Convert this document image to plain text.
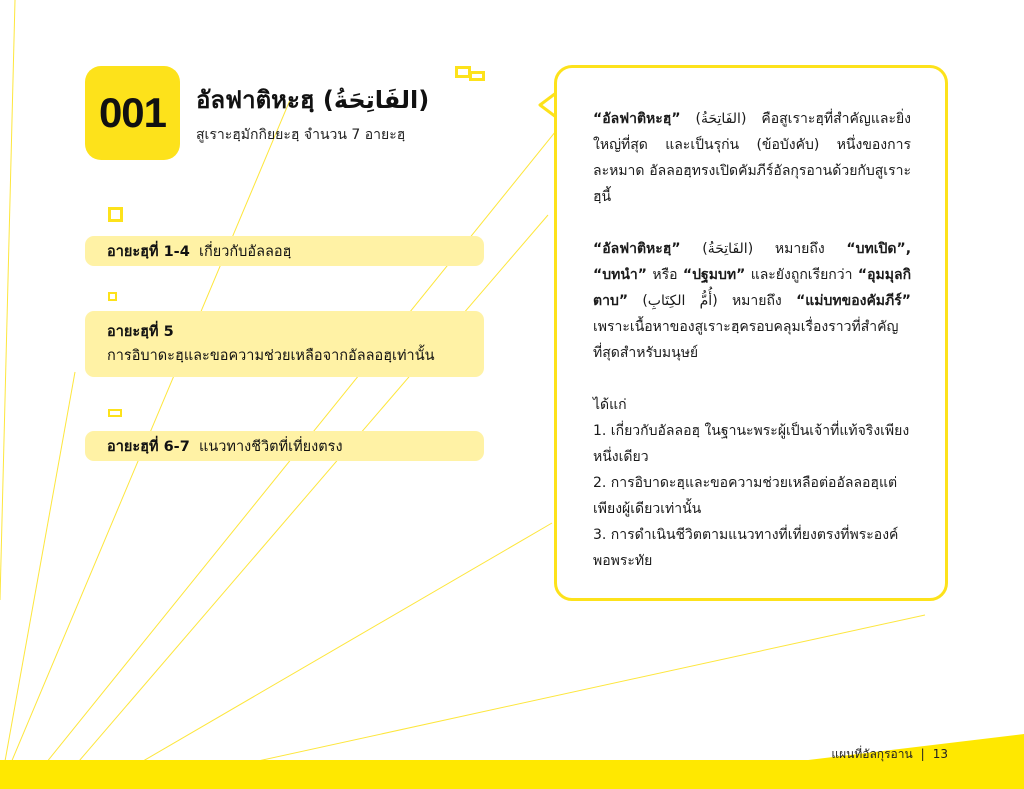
001 อัลฟาติหะฮฺ (الفَاتِحَةُ)
สูเราะฮฺมักกิยยะฮฺ จำนวน 7 อายะฮฺ
อายะฮฺที่ 1-4 เกี่ยวกับอัลลอฮฺ
อายะฮฺที่ 5
การอิบาดะฮฺและขอความช่วยเหลือจากอัลลอฮฺเท่านั้น
อายะฮฺที่ 6-7 แนวทางชีวิตที่เที่ยงตรง

“อัลฟาติหะฮฺ” (الفَاتِحَةُ) คือสูเราะฮฺที่สำคัญและยิ่งใหญ่ที่สุด และเป็นรุก่น (ข้อบังคับ) หนึ่งของการละหมาด อัลลอฮฺทรงเปิดคัมภีร์อัลกุรอานด้วยกับสูเราะฮฺนี้

“อัลฟาติหะฮฺ” (الفَاتِحَةُ) หมายถึง “บทเปิด”, “บทนำ” หรือ “ปฐมบท” และยังถูกเรียกว่า “อุมมุลกิตาบ” (أُمُّ الكِتَابِ) หมายถึง “แม่บทของคัมภีร์” เพราะเนื้อหาของสูเราะฮฺครอบคลุมเรื่องราวที่สำคัญที่สุดสำหรับมนุษย์

ได้แก่

1. เกี่ยวกับอัลลอฮฺ ในฐานะพระผู้เป็นเจ้าที่แท้จริงเพียงหนึ่งเดียว

2. การอิบาดะฮฺและขอความช่วยเหลือต่ออัลลอฮฺแต่เพียงผู้เดียวเท่านั้น

3. การดำเนินชีวิตตามแนวทางที่เที่ยงตรงที่พระองค์พอพระทัย

แผนที่อัลกุรอาน | 13
